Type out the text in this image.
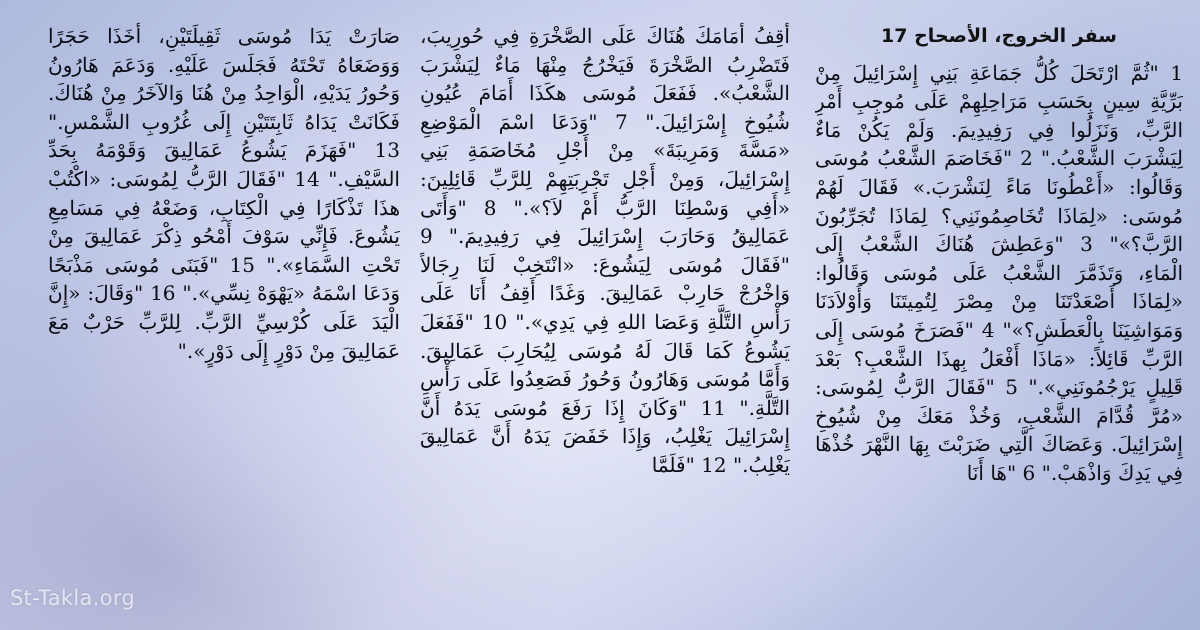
سفر الخروج، الأصحاح 17

1 "ثُمَّ ارْتَحَلَ كُلُّ جَمَاعَةِ بَنِي إِسْرَائِيلَ مِنْ بَرِّيَّةِ سِينٍ بِحَسَبِ مَرَاحِلِهِمْ عَلَى مُوجِبِ أَمْرِ الرَّبِّ، وَنَزَلُوا فِي رَفِيدِيمَ. وَلَمْ يَكُنْ مَاءٌ لِيَشْرَبَ الشَّعْبُ." 2 "فَخَاصَمَ الشَّعْبُ مُوسَى وَقَالُوا: «أَعْطُونَا مَاءً لِنَشْرَبَ.» فَقَالَ لَهُمْ مُوسَى: «لِمَاذَا تُخَاصِمُونَنِي؟ لِمَاذَا تُجَرِّبُونَ الرَّبَّ؟»" 3 "وَعَطِشَ هُنَاكَ الشَّعْبُ إِلَى الْمَاءِ، وَتَذَمَّرَ الشَّعْبُ عَلَى مُوسَى وَقَالُوا: «لِمَاذَا أَصْعَدْتَنَا مِنْ مِصْرَ لِتُمِيتَنَا وَأَوْلاَدَنَا وَمَوَاشِيَنَا بِالْعَطَشِ؟»" 4 "فَصَرَخَ مُوسَى إِلَى الرَّبِّ قَائِلاً: «مَاذَا أَفْعَلُ بِهذَا الشَّعْبِ؟ بَعْدَ قَلِيلٍ يَرْجُمُونَنِي»." 5 "فَقَالَ الرَّبُّ لِمُوسَى: «مُرَّ قُدَّامَ الشَّعْبِ، وَخُذْ مَعَكَ مِنْ شُيُوخِ إِسْرَائِيلَ. وَعَصَاكَ الَّتِي ضَرَبْتَ بِهَا النَّهْرَ خُذْهَا فِي يَدِكَ وَاذْهَبْ." 6 "هَا أَنَا

أَقِفُ أَمَامَكَ هُنَاكَ عَلَى الصَّخْرَةِ فِي حُورِيبَ، فَتَضْرِبُ الصَّخْرَةَ فَيَخْرُجُ مِنْهَا مَاءٌ لِيَشْرَبَ الشَّعْبُ». فَفَعَلَ مُوسَى هكَذَا أَمَامَ عُيُونِ شُيُوخِ إِسْرَائِيلَ." 7 "وَدَعَا اسْمَ الْمَوْضِعِ «مَسَّةَ وَمَرِيبَةَ» مِنْ أَجْلِ مُخَاصَمَةِ بَنِي إِسْرَائِيلَ، وَمِنْ أَجْلِ تَجْرِبَتِهِمْ لِلرَّبِّ قَائِلِينَ: «أَفِي وَسْطِنَا الرَّبُّ أَمْ لاَ؟»." 8 "وَأَتَى عَمَالِيقُ وَحَارَبَ إِسْرَائِيلَ فِي رَفِيدِيمَ." 9 "فَقَالَ مُوسَى لِيَشُوعَ: «انْتَخِبْ لَنَا رِجَالاً وَاخْرُجْ حَارِبْ عَمَالِيقَ. وَغَدًا أَقِفُ أَنَا عَلَى رَأْسِ التَّلَّةِ وَعَصَا اللهِ فِي يَدِي»." 10 "فَفَعَلَ يَشُوعُ كَمَا قَالَ لَهُ مُوسَى لِيُحَارِبَ عَمَالِيقَ. وَأَمَّا مُوسَى وَهَارُونُ وَحُورُ فَصَعِدُوا عَلَى رَأْسِ التَّلَّةِ." 11 "وَكَانَ إِذَا رَفَعَ مُوسَى يَدَهُ أَنَّ إِسْرَائِيلَ يَغْلِبُ، وَإِذَا خَفَضَ يَدَهُ أَنَّ عَمَالِيقَ يَغْلِبُ." 12 "فَلَمَّا

صَارَتْ يَدَا مُوسَى ثَقِيلَتَيْنِ، أَخَذَا حَجَرًا وَوَضَعَاهُ تَحْتَهُ فَجَلَسَ عَلَيْهِ. وَدَعَمَ هَارُونُ وَحُورُ يَدَيْهِ، الْوَاحِدُ مِنْ هُنَا وَالآخَرُ مِنْ هُنَاكَ. فَكَانَتْ يَدَاهُ ثَابِتَتَيْنِ إِلَى غُرُوبِ الشَّمْسِ." 13 "فَهَزَمَ يَشُوعُ عَمَالِيقَ وَقَوْمَهُ بِحَدِّ السَّيْفِ." 14 "فَقَالَ الرَّبُّ لِمُوسَى: «اكْتُبْ هذَا تَذْكَارًا فِي الْكِتَابِ، وَضَعْهُ فِي مَسَامِعِ يَشُوعَ. فَإِنِّي سَوْفَ أَمْحُو ذِكْرَ عَمَالِيقَ مِنْ تَحْتِ السَّمَاءِ»." 15 "فَبَنَى مُوسَى مَذْبَحًا وَدَعَا اسْمَهُ «يَهْوَهْ نِسِّي»." 16 "وَقَالَ: «إِنَّ الْيَدَ عَلَى كُرْسِيِّ الرَّبِّ. لِلرَّبِّ حَرْبٌ مَعَ عَمَالِيقَ مِنْ دَوْرٍ إِلَى دَوْرٍ»."

St-Takla.org
